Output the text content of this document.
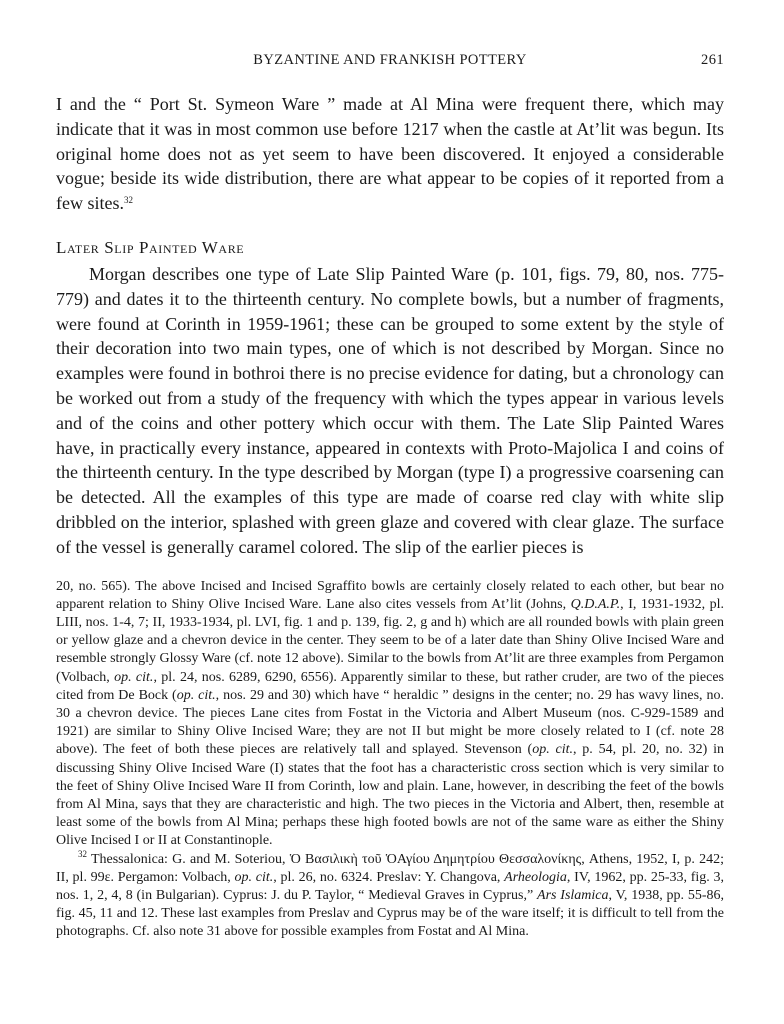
BYZANTINE AND FRANKISH POTTERY	261

I and the “ Port St. Symeon Ware ” made at Al Mina were frequent there, which may indicate that it was in most common use before 1217 when the castle at At’lit was begun. Its original home does not as yet seem to have been discovered. It enjoyed a considerable vogue; beside its wide distribution, there are what appear to be copies of it reported from a few sites.$^{32}$

Later Slip Painted Ware

Morgan describes one type of Late Slip Painted Ware (p. 101, figs. 79, 80, nos. 775-779) and dates it to the thirteenth century. No complete bowls, but a number of fragments, were found at Corinth in 1959-1961; these can be grouped to some extent by the style of their decoration into two main types, one of which is not described by Morgan. Since no examples were found in bothroi there is no precise evidence for dating, but a chronology can be worked out from a study of the frequency with which the types appear in various levels and of the coins and other pottery which occur with them. The Late Slip Painted Wares have, in practically every instance, appeared in contexts with Proto-Majolica I and coins of the thirteenth century. In the type described by Morgan (type I) a progressive coarsening can be detected. All the examples of this type are made of coarse red clay with white slip dribbled on the interior, splashed with green glaze and covered with clear glaze. The surface of the vessel is generally caramel colored. The slip of the earlier pieces is

20, no. 565). The above Incised and Incised Sgraffito bowls are certainly closely related to each other, but bear no apparent relation to Shiny Olive Incised Ware. Lane also cites vessels from At’lit (Johns, Q.D.A.P., I, 1931-1932, pl. LIII, nos. 1-4, 7; II, 1933-1934, pl. LVI, fig. 1 and p. 139, fig. 2, g and h) which are all rounded bowls with plain green or yellow glaze and a chevron device in the center. They seem to be of a later date than Shiny Olive Incised Ware and resemble strongly Glossy Ware (cf. note 12 above). Similar to the bowls from At’lit are three examples from Pergamon (Volbach, op. cit., pl. 24, nos. 6289, 6290, 6556). Apparently similar to these, but rather cruder, are two of the pieces cited from De Bock (op. cit., nos. 29 and 30) which have “ heraldic ” designs in the center; no. 29 has wavy lines, no. 30 a chevron device. The pieces Lane cites from Fostat in the Victoria and Albert Museum (nos. C-929-1589 and 1921) are similar to Shiny Olive Incised Ware; they are not II but might be more closely related to I (cf. note 28 above). The feet of both these pieces are relatively tall and splayed. Stevenson (op. cit., p. 54, pl. 20, no. 32) in discussing Shiny Olive Incised Ware (I) states that the foot has a characteristic cross section which is very similar to the feet of Shiny Olive Incised Ware II from Corinth, low and plain. Lane, however, in describing the feet of the bowls from Al Mina, says that they are characteristic and high. The two pieces in the Victoria and Albert, then, resemble at least some of the bowls from Al Mina; perhaps these high footed bowls are not of the same ware as either the Shiny Olive Incised I or II at Constantinople.

$^{32}$ Thessalonica: G. and M. Soteriou, Ὁ Βασιλικὴ τοῦ ὉΑγίου Δημητρίου Θεσσαλονίκης, Athens, 1952, I, p. 242; II, pl. 99ε. Pergamon: Volbach, op. cit., pl. 26, no. 6324. Preslav: Y. Changova, Arheologia, IV, 1962, pp. 25-33, fig. 3, nos. 1, 2, 4, 8 (in Bulgarian). Cyprus: J. du P. Taylor, “ Medieval Graves in Cyprus,” Ars Islamica, V, 1938, pp. 55-86, fig. 45, 11 and 12. These last examples from Preslav and Cyprus may be of the ware itself; it is difficult to tell from the photographs. Cf. also note 31 above for possible examples from Fostat and Al Mina.
